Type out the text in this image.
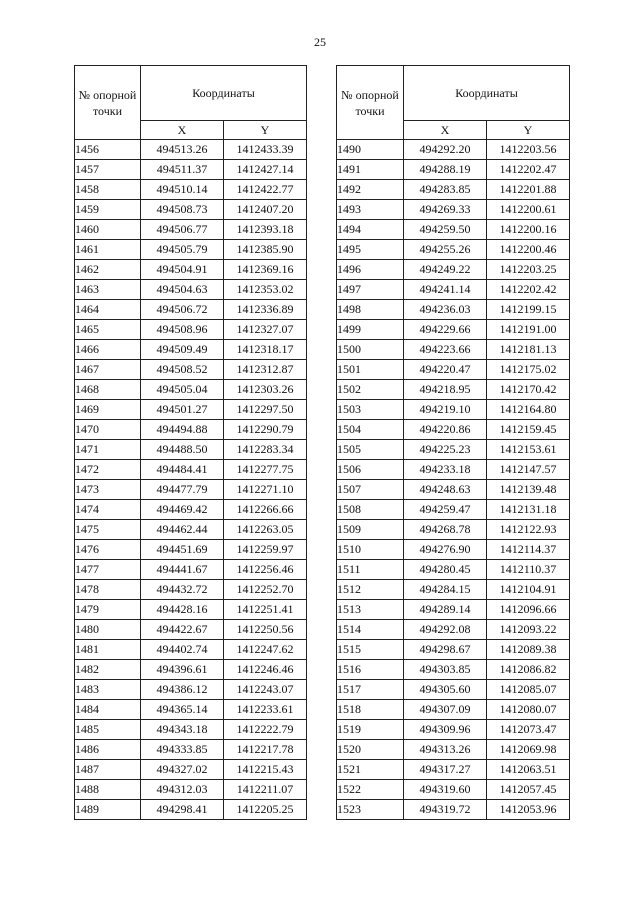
25
№ опорной точки	Координаты	
	X	Y
1456	494513.26	1412433.39
1457	494511.37	1412427.14
1458	494510.14	1412422.77
1459	494508.73	1412407.20
1460	494506.77	1412393.18
1461	494505.79	1412385.90
1462	494504.91	1412369.16
1463	494504.63	1412353.02
1464	494506.72	1412336.89
1465	494508.96	1412327.07
1466	494509.49	1412318.17
1467	494508.52	1412312.87
1468	494505.04	1412303.26
1469	494501.27	1412297.50
1470	494494.88	1412290.79
1471	494488.50	1412283.34
1472	494484.41	1412277.75
1473	494477.79	1412271.10
1474	494469.42	1412266.66
1475	494462.44	1412263.05
1476	494451.69	1412259.97
1477	494441.67	1412256.46
1478	494432.72	1412252.70
1479	494428.16	1412251.41
1480	494422.67	1412250.56
1481	494402.74	1412247.62
1482	494396.61	1412246.46
1483	494386.12	1412243.07
1484	494365.14	1412233.61
1485	494343.18	1412222.79
1486	494333.85	1412217.78
1487	494327.02	1412215.43
1488	494312.03	1412211.07
1489	494298.41	1412205.25
№ опорной точки	Координаты	
	X	Y
1490	494292.20	1412203.56
1491	494288.19	1412202.47
1492	494283.85	1412201.88
1493	494269.33	1412200.61
1494	494259.50	1412200.16
1495	494255.26	1412200.46
1496	494249.22	1412203.25
1497	494241.14	1412202.42
1498	494236.03	1412199.15
1499	494229.66	1412191.00
1500	494223.66	1412181.13
1501	494220.47	1412175.02
1502	494218.95	1412170.42
1503	494219.10	1412164.80
1504	494220.86	1412159.45
1505	494225.23	1412153.61
1506	494233.18	1412147.57
1507	494248.63	1412139.48
1508	494259.47	1412131.18
1509	494268.78	1412122.93
1510	494276.90	1412114.37
1511	494280.45	1412110.37
1512	494284.15	1412104.91
1513	494289.14	1412096.66
1514	494292.08	1412093.22
1515	494298.67	1412089.38
1516	494303.85	1412086.82
1517	494305.60	1412085.07
1518	494307.09	1412080.07
1519	494309.96	1412073.47
1520	494313.26	1412069.98
1521	494317.27	1412063.51
1522	494319.60	1412057.45
1523	494319.72	1412053.96
